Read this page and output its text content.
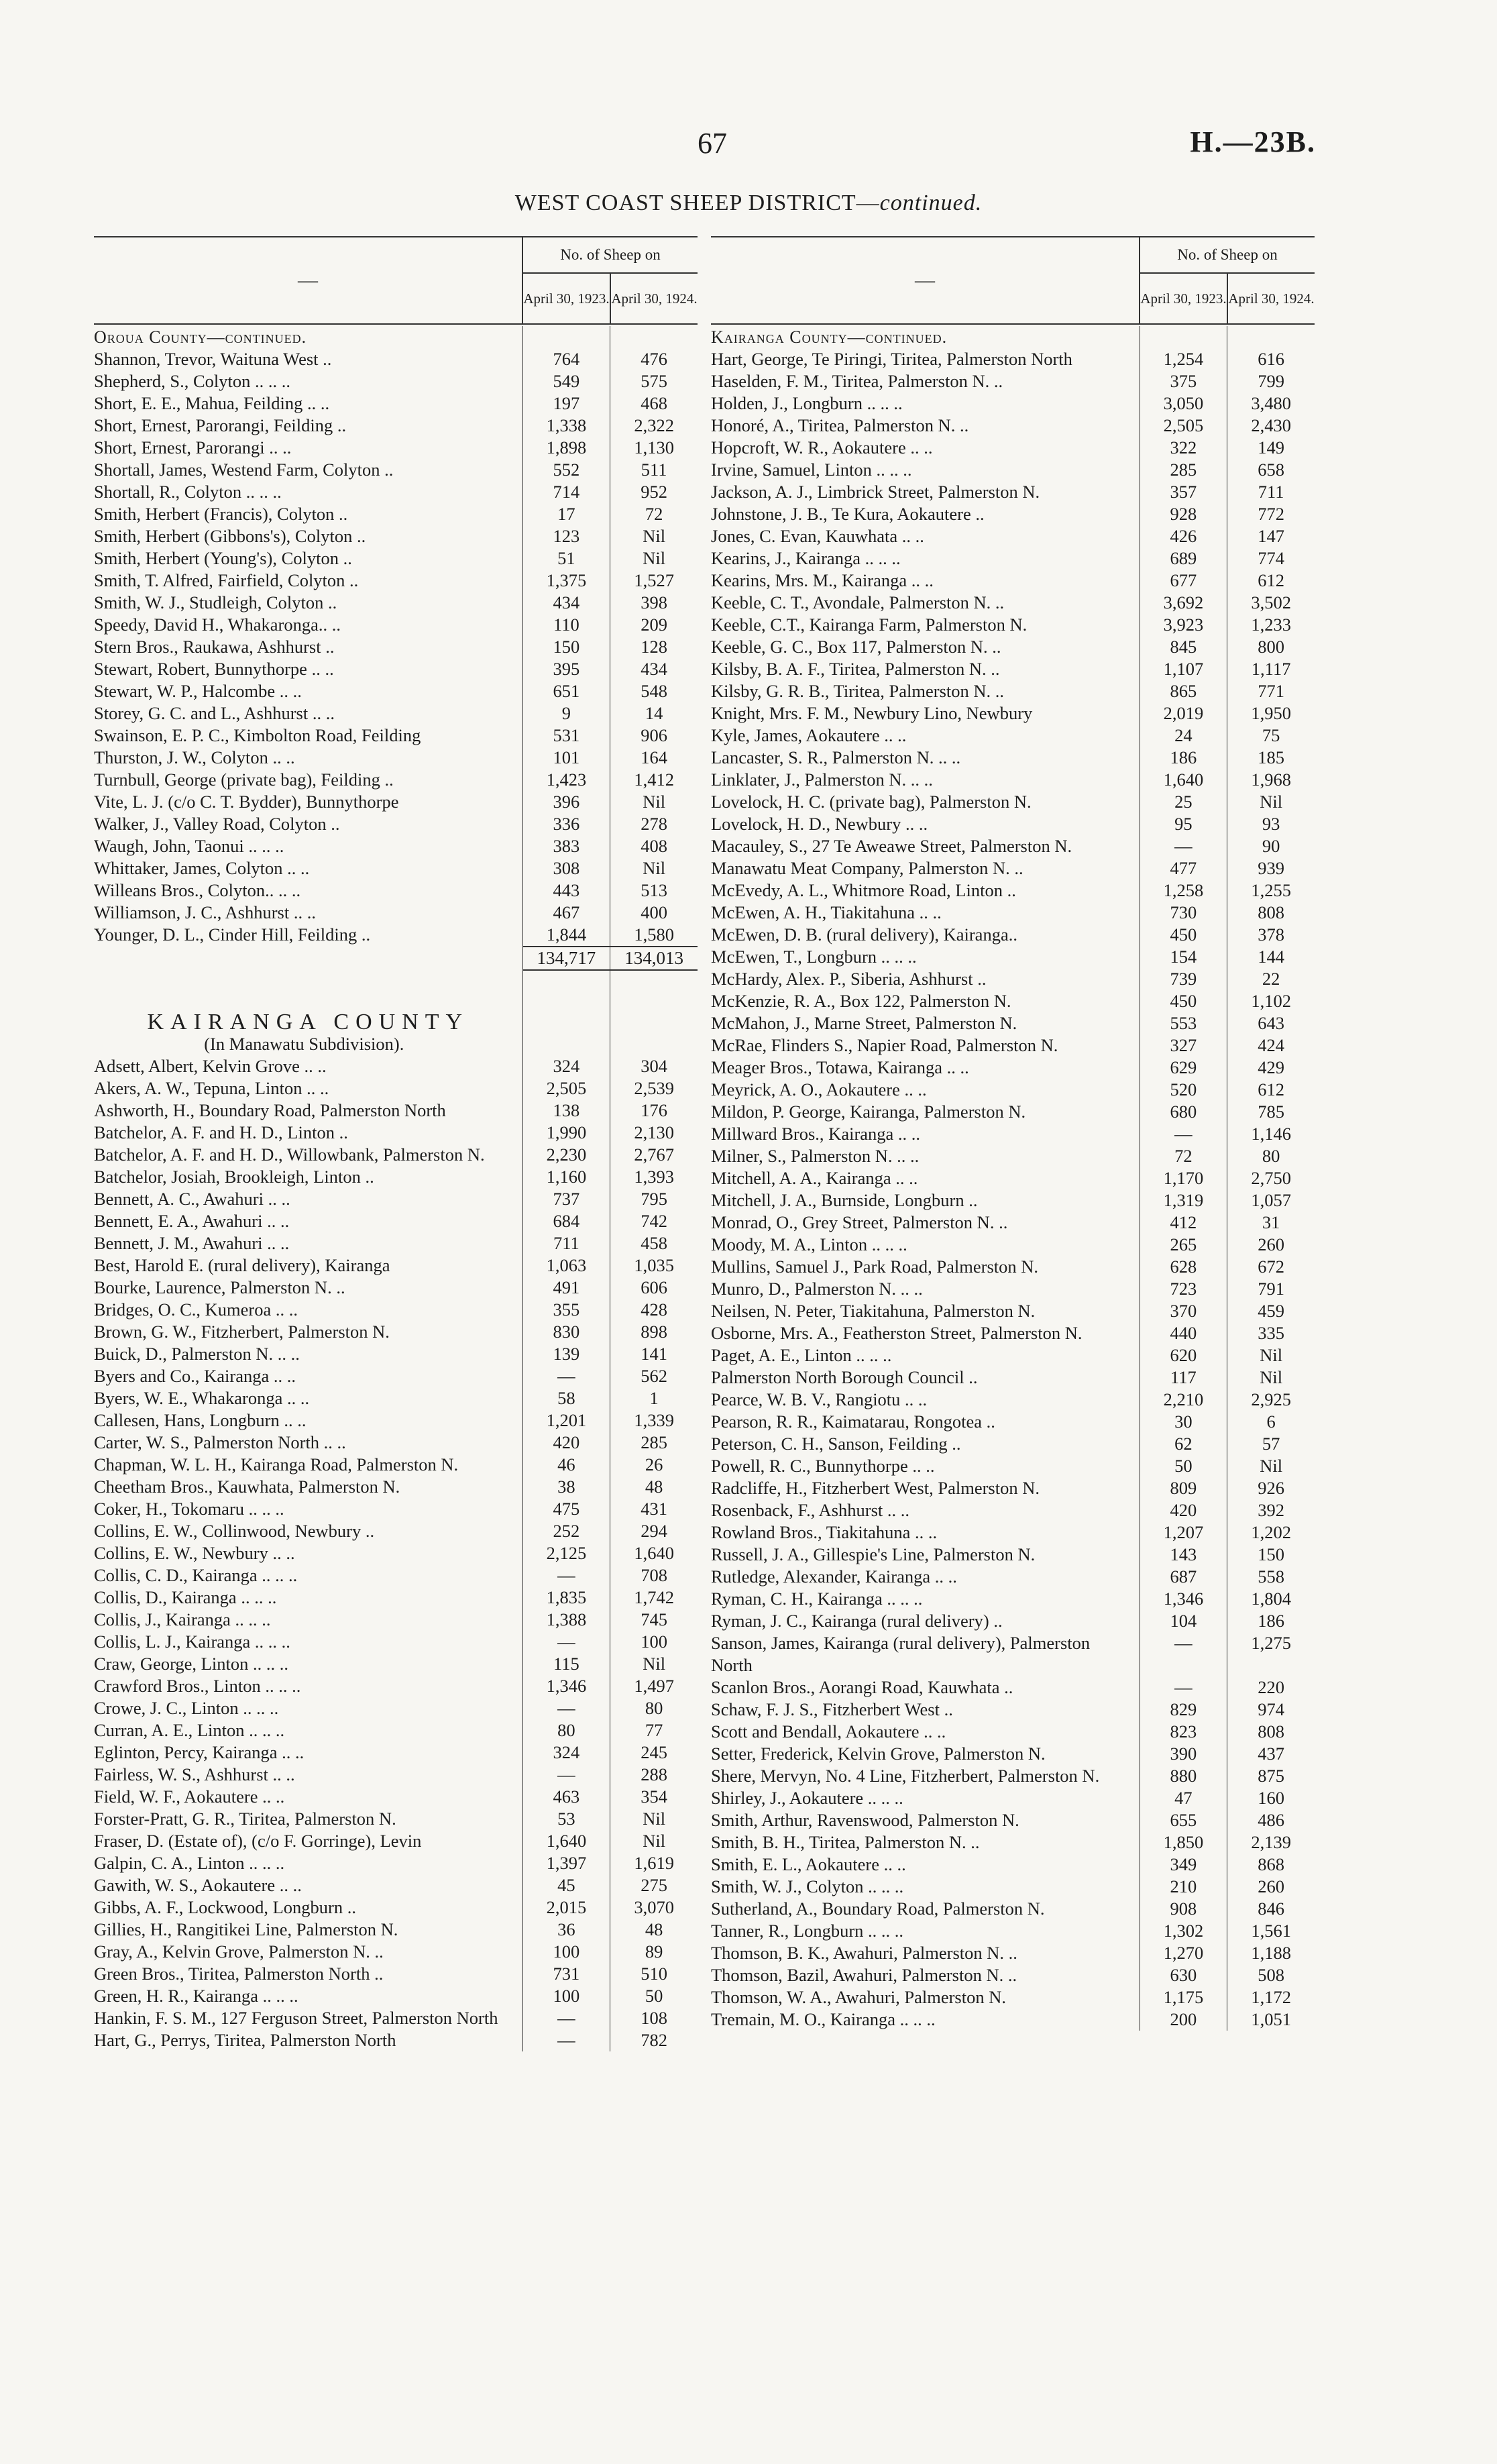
67	H.—23B.
WEST COAST SHEEP DISTRICT—continued.
—
No. of Sheep on
April 30, 1923. April 30, 1924.
Oroua County—continued.
Shannon, Trevor, Waituna West ..	764	476
Shepherd, S., Colyton .. .. ..	549	575
Short, E. E., Mahua, Feilding .. ..	197	468
Short, Ernest, Parorangi, Feilding ..	1,338	2,322
Short, Ernest, Parorangi .. ..	1,898	1,130
Shortall, James, Westend Farm, Colyton ..	552	511
Shortall, R., Colyton .. .. ..	714	952
Smith, Herbert (Francis), Colyton ..	17	72
Smith, Herbert (Gibbons's), Colyton ..	123	Nil
Smith, Herbert (Young's), Colyton ..	51	Nil
Smith, T. Alfred, Fairfield, Colyton ..	1,375	1,527
Smith, W. J., Studleigh, Colyton ..	434	398
Speedy, David H., Whakaronga.. ..	110	209
Stern Bros., Raukawa, Ashhurst ..	150	128
Stewart, Robert, Bunnythorpe .. ..	395	434
Stewart, W. P., Halcombe .. ..	651	548
Storey, G. C. and L., Ashhurst .. ..	9	14
Swainson, E. P. C., Kimbolton Road, Feilding	531	906
Thurston, J. W., Colyton .. ..	101	164
Turnbull, George (private bag), Feilding ..	1,423	1,412
Vite, L. J. (c/o C. T. Bydder), Bunnythorpe	396	Nil
Walker, J., Valley Road, Colyton ..	336	278
Waugh, John, Taonui .. .. ..	383	408
Whittaker, James, Colyton .. ..	308	Nil
Willeans Bros., Colyton.. .. ..	443	513
Williamson, J. C., Ashhurst .. ..	467	400
Younger, D. L., Cinder Hill, Feilding ..	1,844	1,580
134,717	134,013
KAIRANGA COUNTY
(In Manawatu Subdivision).
Adsett, Albert, Kelvin Grove .. ..	324	304
Akers, A. W., Tepuna, Linton .. ..	2,505	2,539
Ashworth, H., Boundary Road, Palmerston North	138	176
Batchelor, A. F. and H. D., Linton ..	1,990	2,130
Batchelor, A. F. and H. D., Willowbank, Palmerston N.	2,230	2,767
Batchelor, Josiah, Brookleigh, Linton ..	1,160	1,393
Bennett, A. C., Awahuri .. ..	737	795
Bennett, E. A., Awahuri .. ..	684	742
Bennett, J. M., Awahuri .. ..	711	458
Best, Harold E. (rural delivery), Kairanga	1,063	1,035
Bourke, Laurence, Palmerston N. ..	491	606
Bridges, O. C., Kumeroa .. ..	355	428
Brown, G. W., Fitzherbert, Palmerston N.	830	898
Buick, D., Palmerston N. .. ..	139	141
Byers and Co., Kairanga .. ..	—	562
Byers, W. E., Whakaronga .. ..	58	1
Callesen, Hans, Longburn .. ..	1,201	1,339
Carter, W. S., Palmerston North .. ..	420	285
Chapman, W. L. H., Kairanga Road, Palmerston N.	46	26
Cheetham Bros., Kauwhata, Palmerston N.	38	48
Coker, H., Tokomaru .. .. ..	475	431
Collins, E. W., Collinwood, Newbury ..	252	294
Collins, E. W., Newbury .. ..	2,125	1,640
Collis, C. D., Kairanga .. .. ..	—	708
Collis, D., Kairanga .. .. ..	1,835	1,742
Collis, J., Kairanga .. .. ..	1,388	745
Collis, L. J., Kairanga .. .. ..	—	100
Craw, George, Linton .. .. ..	115	Nil
Crawford Bros., Linton .. .. ..	1,346	1,497
Crowe, J. C., Linton .. .. ..	—	80
Curran, A. E., Linton .. .. ..	80	77
Eglinton, Percy, Kairanga .. ..	324	245
Fairless, W. S., Ashhurst .. ..	—	288
Field, W. F., Aokautere .. ..	463	354
Forster-Pratt, G. R., Tiritea, Palmerston N.	53	Nil
Fraser, D. (Estate of), (c/o F. Gorringe), Levin	1,640	Nil
Galpin, C. A., Linton .. .. ..	1,397	1,619
Gawith, W. S., Aokautere .. ..	45	275
Gibbs, A. F., Lockwood, Longburn ..	2,015	3,070
Gillies, H., Rangitikei Line, Palmerston N.	36	48
Gray, A., Kelvin Grove, Palmerston N. ..	100	89
Green Bros., Tiritea, Palmerston North ..	731	510
Green, H. R., Kairanga .. .. ..	100	50
Hankin, F. S. M., 127 Ferguson Street, Palmerston North	—	108
Hart, G., Perrys, Tiritea, Palmerston North	—	782
—
No. of Sheep on
April 30, 1923. April 30, 1924.
Kairanga County—continued.
Hart, George, Te Piringi, Tiritea, Palmerston North	1,254	616
Haselden, F. M., Tiritea, Palmerston N. ..	375	799
Holden, J., Longburn .. .. ..	3,050	3,480
Honoré, A., Tiritea, Palmerston N. ..	2,505	2,430
Hopcroft, W. R., Aokautere .. ..	322	149
Irvine, Samuel, Linton .. .. ..	285	658
Jackson, A. J., Limbrick Street, Palmerston N.	357	711
Johnstone, J. B., Te Kura, Aokautere ..	928	772
Jones, C. Evan, Kauwhata .. ..	426	147
Kearins, J., Kairanga .. .. ..	689	774
Kearins, Mrs. M., Kairanga .. ..	677	612
Keeble, C. T., Avondale, Palmerston N. ..	3,692	3,502
Keeble, C.T., Kairanga Farm, Palmerston N.	3,923	1,233
Keeble, G. C., Box 117, Palmerston N. ..	845	800
Kilsby, B. A. F., Tiritea, Palmerston N. ..	1,107	1,117
Kilsby, G. R. B., Tiritea, Palmerston N. ..	865	771
Knight, Mrs. F. M., Newbury Lino, Newbury	2,019	1,950
Kyle, James, Aokautere .. ..	24	75
Lancaster, S. R., Palmerston N. .. ..	186	185
Linklater, J., Palmerston N. .. ..	1,640	1,968
Lovelock, H. C. (private bag), Palmerston N.	25	Nil
Lovelock, H. D., Newbury .. ..	95	93
Macauley, S., 27 Te Aweawe Street, Palmerston N.	—	90
Manawatu Meat Company, Palmerston N. ..	477	939
McEvedy, A. L., Whitmore Road, Linton ..	1,258	1,255
McEwen, A. H., Tiakitahuna .. ..	730	808
McEwen, D. B. (rural delivery), Kairanga..	450	378
McEwen, T., Longburn .. .. ..	154	144
McHardy, Alex. P., Siberia, Ashhurst ..	739	22
McKenzie, R. A., Box 122, Palmerston N.	450	1,102
McMahon, J., Marne Street, Palmerston N.	553	643
McRae, Flinders S., Napier Road, Palmerston N.	327	424
Meager Bros., Totawa, Kairanga .. ..	629	429
Meyrick, A. O., Aokautere .. ..	520	612
Mildon, P. George, Kairanga, Palmerston N.	680	785
Millward Bros., Kairanga .. ..	—	1,146
Milner, S., Palmerston N. .. ..	72	80
Mitchell, A. A., Kairanga .. ..	1,170	2,750
Mitchell, J. A., Burnside, Longburn ..	1,319	1,057
Monrad, O., Grey Street, Palmerston N. ..	412	31
Moody, M. A., Linton .. .. ..	265	260
Mullins, Samuel J., Park Road, Palmerston N.	628	672
Munro, D., Palmerston N. .. ..	723	791
Neilsen, N. Peter, Tiakitahuna, Palmerston N.	370	459
Osborne, Mrs. A., Featherston Street, Palmerston N.	440	335
Paget, A. E., Linton .. .. ..	620	Nil
Palmerston North Borough Council ..	117	Nil
Pearce, W. B. V., Rangiotu .. ..	2,210	2,925
Pearson, R. R., Kaimatarau, Rongotea ..	30	6
Peterson, C. H., Sanson, Feilding ..	62	57
Powell, R. C., Bunnythorpe .. ..	50	Nil
Radcliffe, H., Fitzherbert West, Palmerston N.	809	926
Rosenback, F., Ashhurst .. ..	420	392
Rowland Bros., Tiakitahuna .. ..	1,207	1,202
Russell, J. A., Gillespie's Line, Palmerston N.	143	150
Rutledge, Alexander, Kairanga .. ..	687	558
Ryman, C. H., Kairanga .. .. ..	1,346	1,804
Ryman, J. C., Kairanga (rural delivery) ..	104	186
Sanson, James, Kairanga (rural delivery), Palmerston North
—	1,275
Scanlon Bros., Aorangi Road, Kauwhata ..	—	220
Schaw, F. J. S., Fitzherbert West ..	829	974
Scott and Bendall, Aokautere .. ..	823	808
Setter, Frederick, Kelvin Grove, Palmerston N.	390	437
Shere, Mervyn, No. 4 Line, Fitzherbert, Palmerston N.	880	875
Shirley, J., Aokautere .. .. ..	47	160
Smith, Arthur, Ravenswood, Palmerston N.	655	486
Smith, B. H., Tiritea, Palmerston N. ..	1,850	2,139
Smith, E. L., Aokautere .. ..	349	868
Smith, W. J., Colyton .. .. ..	210	260
Sutherland, A., Boundary Road, Palmerston N.	908	846
Tanner, R., Longburn .. .. ..	1,302	1,561
Thomson, B. K., Awahuri, Palmerston N. ..	1,270	1,188
Thomson, Bazil, Awahuri, Palmerston N. ..	630	508
Thomson, W. A., Awahuri, Palmerston N.	1,175	1,172
Tremain, M. O., Kairanga .. .. ..	200	1,051
